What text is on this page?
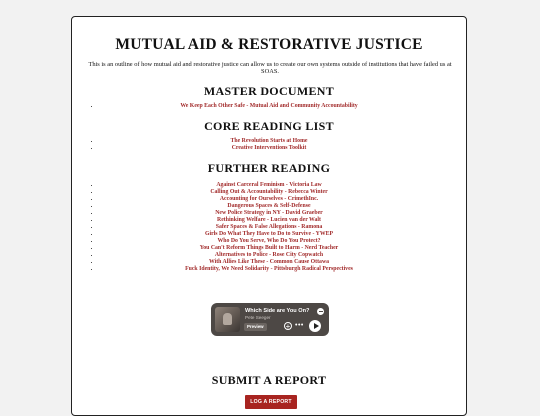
MUTUAL AID & RESTORATIVE JUSTICE

This is an outline of how mutual aid and restorative justice can allow us to create our own systems outside of institutions that have failed us at SOAS.

MASTER DOCUMENT
• We Keep Each Other Safe - Mutual Aid and Community Accountability
CORE READING LIST
• The Revolution Starts at Home
• Creative Interventions Toolkit
FURTHER READING
• Against Carceral Feminism - Victoria Law
• Calling Out & Accountability - Rebecca Winter
• Accounting for Ourselves - CrimethInc.
• Dangerous Spaces & Self-Defense
• New Police Strategy in NY - David Graeber
• Rethinking Welfare - Lucien van der Walt
• Safer Spaces & False Allegations - Ramona
• Girls Do What They Have to Do to Survive - YWEP
• Who Do You Serve, Who Do You Protect?
• You Can't Reform Things Built to Harm - Nerd Teacher
• Alternatives to Police - Rose City Copwatch
• With Allies Like These - Common Cause Ottawa
• Fuck Identity, We Need Solidarity - Pittsburgh Radical Perspectives
Which Side are You On?
Pete Seeger
Preview	+ •••
SUBMIT A REPORT
LOG A REPORT
